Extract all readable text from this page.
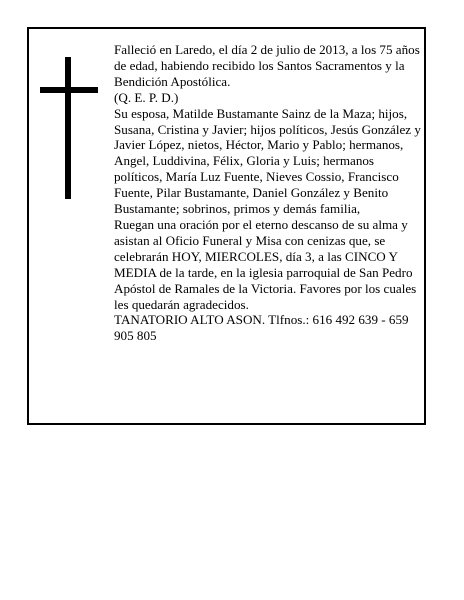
Falleció en Laredo, el día 2 de julio de 2013, a los 75 años de edad, habiendo recibido los Santos Sacramentos y la Bendición Apostólica.

(Q. E. P. D.)

Su esposa, Matilde Bustamante Sainz de la Maza; hijos, Susana, Cristina y Javier; hijos políticos, Jesús González y Javier López, nietos, Héctor, Mario y Pablo; hermanos, Angel, Luddivina, Félix, Gloria y Luis; hermanos políticos, María Luz Fuente, Nieves Cossio, Francisco Fuente, Pilar Bustamante, Daniel González y Benito Bustamante; sobrinos, primos y demás familia,

Ruegan una oración por el eterno descanso de su alma y asistan al Oficio Funeral y Misa con cenizas que, se celebrarán HOY, MIERCOLES, día 3, a las CINCO Y MEDIA de la tarde, en la iglesia parroquial de San Pedro Apóstol de Ramales de la Victoria. Favores por los cuales les quedarán agradecidos.

TANATORIO ALTO ASON. Tlfnos.: 616 492 639 - 659 905 805
